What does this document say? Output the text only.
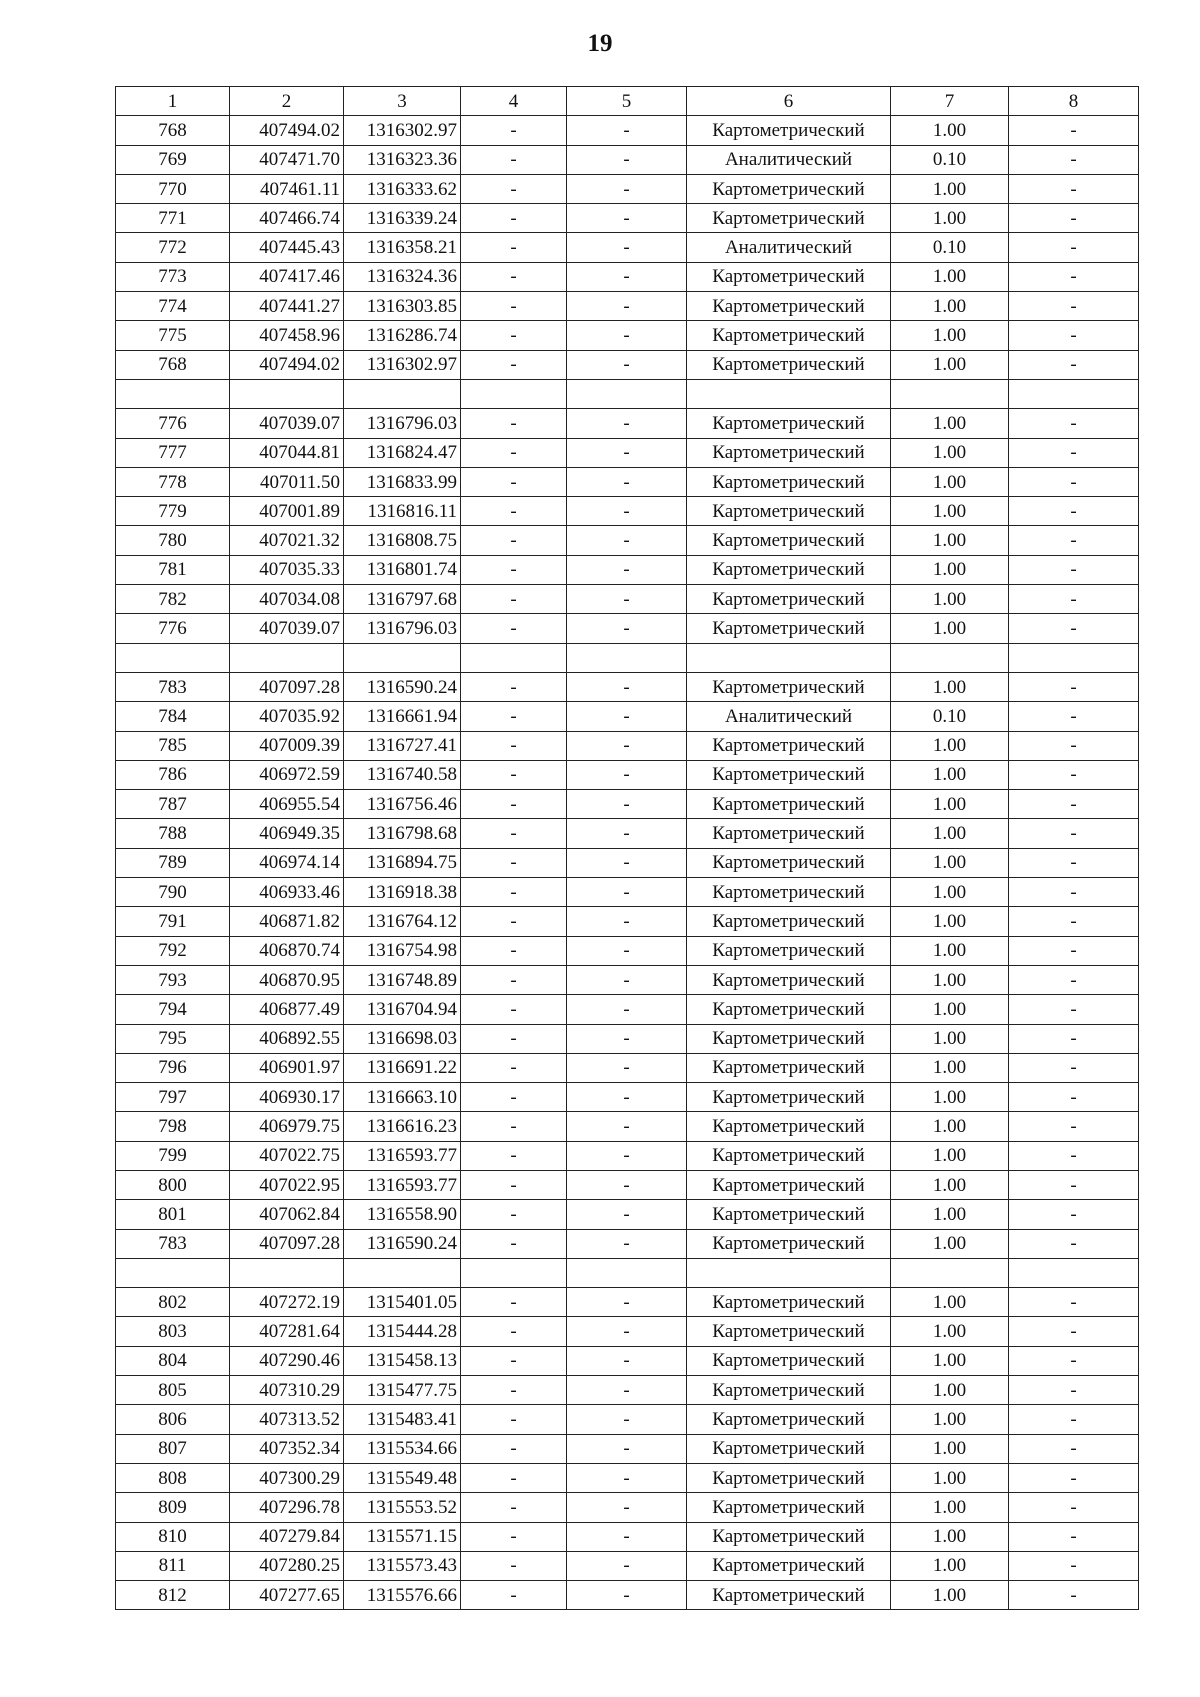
19
1	2	3	4	5	6	7	8
768	407494.02	1316302.97	-	-	Картометрический	1.00	-
769	407471.70	1316323.36	-	-	Аналитический	0.10	-
770	407461.11	1316333.62	-	-	Картометрический	1.00	-
771	407466.74	1316339.24	-	-	Картометрический	1.00	-
772	407445.43	1316358.21	-	-	Аналитический	0.10	-
773	407417.46	1316324.36	-	-	Картометрический	1.00	-
774	407441.27	1316303.85	-	-	Картометрический	1.00	-
775	407458.96	1316286.74	-	-	Картометрический	1.00	-
768	407494.02	1316302.97	-	-	Картометрический	1.00	-

776	407039.07	1316796.03	-	-	Картометрический	1.00	-
777	407044.81	1316824.47	-	-	Картометрический	1.00	-
778	407011.50	1316833.99	-	-	Картометрический	1.00	-
779	407001.89	1316816.11	-	-	Картометрический	1.00	-
780	407021.32	1316808.75	-	-	Картометрический	1.00	-
781	407035.33	1316801.74	-	-	Картометрический	1.00	-
782	407034.08	1316797.68	-	-	Картометрический	1.00	-
776	407039.07	1316796.03	-	-	Картометрический	1.00	-

783	407097.28	1316590.24	-	-	Картометрический	1.00	-
784	407035.92	1316661.94	-	-	Аналитический	0.10	-
785	407009.39	1316727.41	-	-	Картометрический	1.00	-
786	406972.59	1316740.58	-	-	Картометрический	1.00	-
787	406955.54	1316756.46	-	-	Картометрический	1.00	-
788	406949.35	1316798.68	-	-	Картометрический	1.00	-
789	406974.14	1316894.75	-	-	Картометрический	1.00	-
790	406933.46	1316918.38	-	-	Картометрический	1.00	-
791	406871.82	1316764.12	-	-	Картометрический	1.00	-
792	406870.74	1316754.98	-	-	Картометрический	1.00	-
793	406870.95	1316748.89	-	-	Картометрический	1.00	-
794	406877.49	1316704.94	-	-	Картометрический	1.00	-
795	406892.55	1316698.03	-	-	Картометрический	1.00	-
796	406901.97	1316691.22	-	-	Картометрический	1.00	-
797	406930.17	1316663.10	-	-	Картометрический	1.00	-
798	406979.75	1316616.23	-	-	Картометрический	1.00	-
799	407022.75	1316593.77	-	-	Картометрический	1.00	-
800	407022.95	1316593.77	-	-	Картометрический	1.00	-
801	407062.84	1316558.90	-	-	Картометрический	1.00	-
783	407097.28	1316590.24	-	-	Картометрический	1.00	-

802	407272.19	1315401.05	-	-	Картометрический	1.00	-
803	407281.64	1315444.28	-	-	Картометрический	1.00	-
804	407290.46	1315458.13	-	-	Картометрический	1.00	-
805	407310.29	1315477.75	-	-	Картометрический	1.00	-
806	407313.52	1315483.41	-	-	Картометрический	1.00	-
807	407352.34	1315534.66	-	-	Картометрический	1.00	-
808	407300.29	1315549.48	-	-	Картометрический	1.00	-
809	407296.78	1315553.52	-	-	Картометрический	1.00	-
810	407279.84	1315571.15	-	-	Картометрический	1.00	-
811	407280.25	1315573.43	-	-	Картометрический	1.00	-
812	407277.65	1315576.66	-	-	Картометрический	1.00	-
